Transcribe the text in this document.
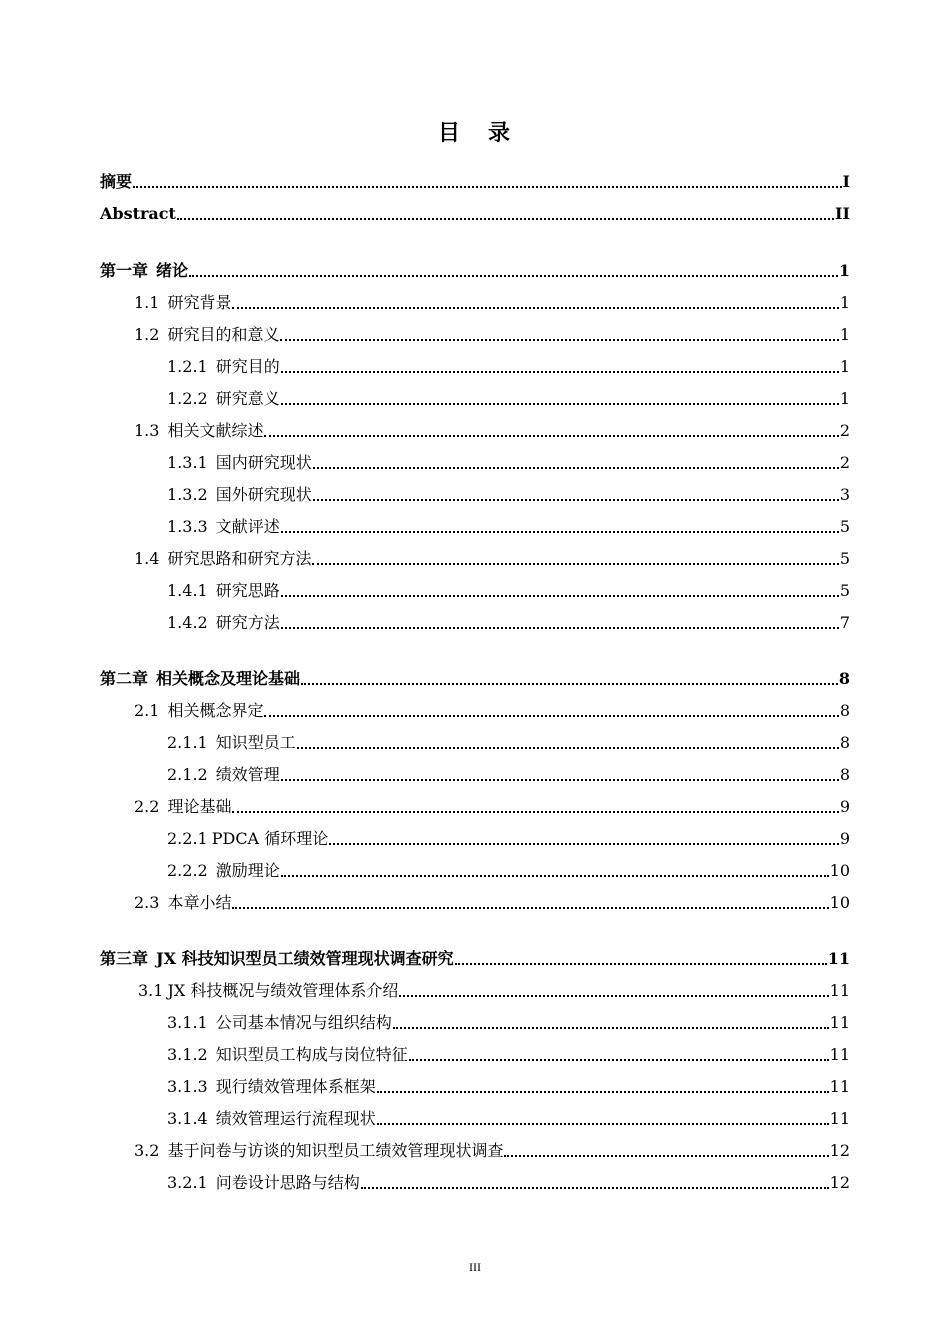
目 录
摘要	I
Abstract	II
第一章 绪论	1
1.1 研究背景	1
1.2 研究目的和意义	1
1.2.1 研究目的	1
1.2.2 研究意义	1
1.3 相关文献综述	2
1.3.1 国内研究现状	2
1.3.2 国外研究现状	3
1.3.3 文献评述	5
1.4 研究思路和研究方法	5
1.4.1 研究思路	5
1.4.2 研究方法	7
第二章 相关概念及理论基础	8
2.1 相关概念界定	8
2.1.1 知识型员工	8
2.1.2 绩效管理	8
2.2 理论基础	9
2.2.1 PDCA 循环理论	9
2.2.2 激励理论	10
2.3 本章小结	10
第三章 JX 科技知识型员工绩效管理现状调查研究	11
3.1 JX 科技概况与绩效管理体系介绍	11
3.1.1 公司基本情况与组织结构	11
3.1.2 知识型员工构成与岗位特征	11
3.1.3 现行绩效管理体系框架	11
3.1.4 绩效管理运行流程现状	11
3.2 基于问卷与访谈的知识型员工绩效管理现状调查	12
3.2.1 问卷设计思路与结构	12
III
